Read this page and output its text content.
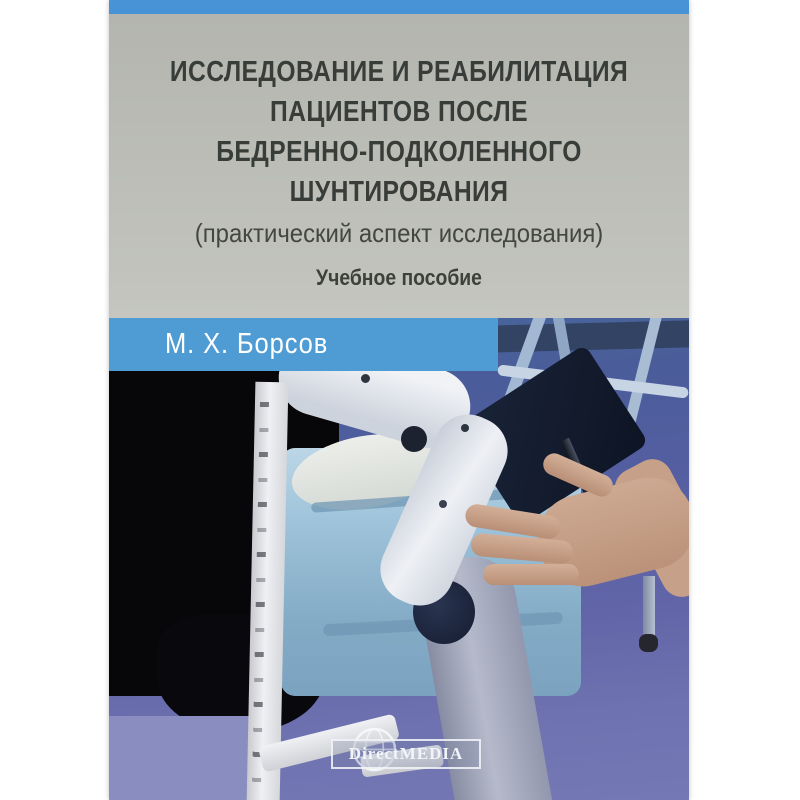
ИССЛЕДОВАНИЕ И РЕАБИЛИТАЦИЯ
ПАЦИЕНТОВ ПОСЛЕ
БЕДРЕННО-ПОДКОЛЕННОГО
ШУНТИРОВАНИЯ
(практический аспект исследования)
Учебное пособие
DirectMEDIA
М. Х. Борсов
